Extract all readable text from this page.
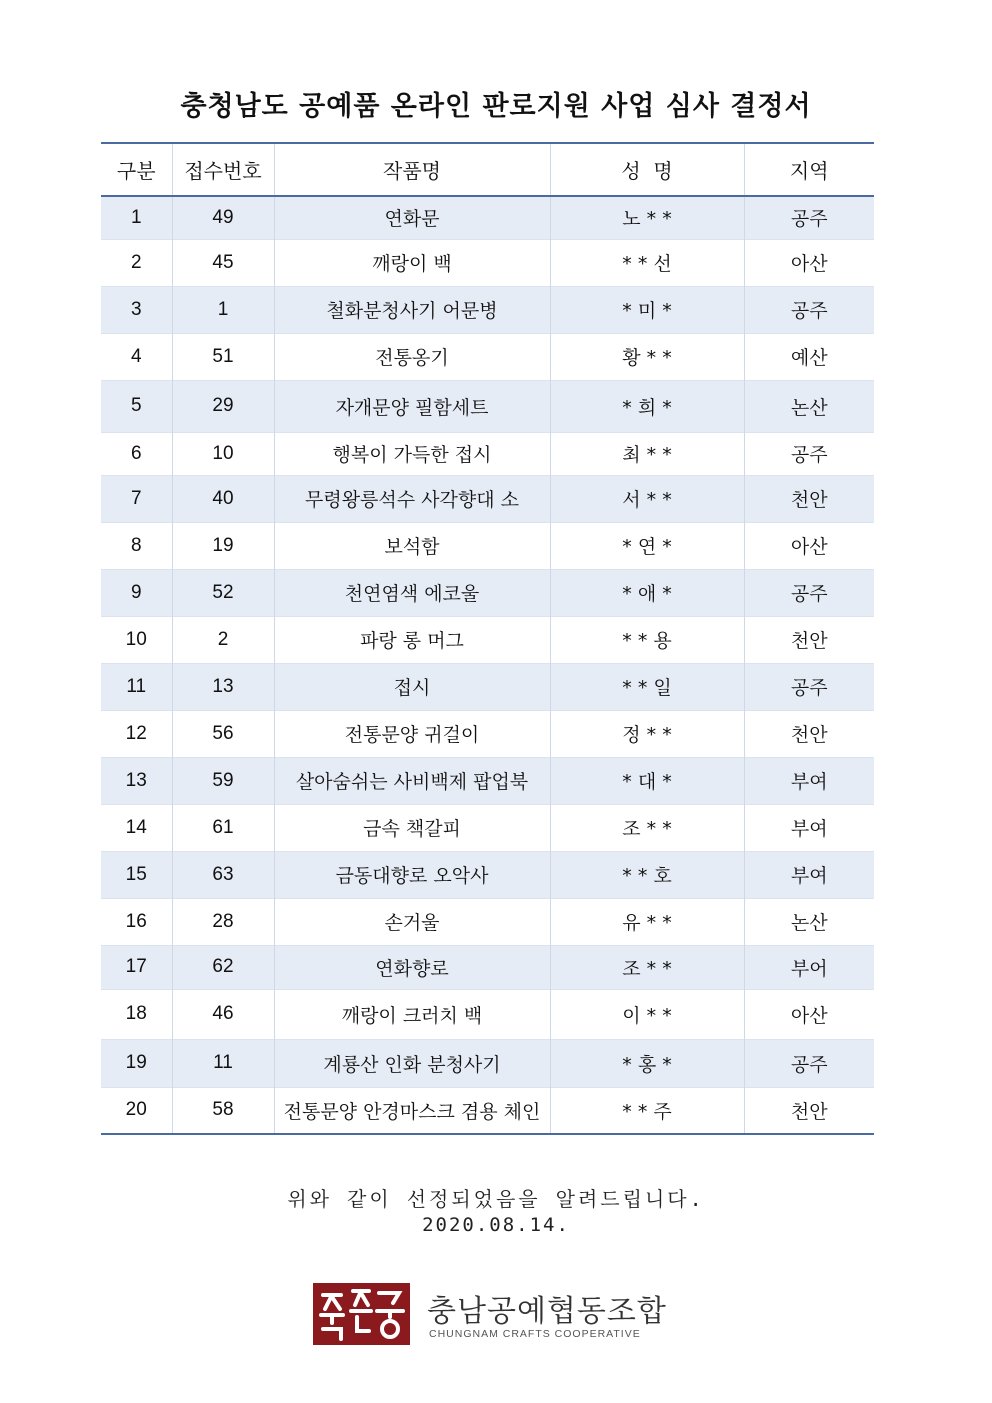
충청남도 공예품 온라인 판로지원 사업 심사 결정서
구분	접수번호	작품명	성  명	지역
1	49	연화문	노 * *	공주
2	45	깨랑이 백	* * 선	아산
3	1	철화분청사기 어문병	* 미 *	공주
4	51	전통옹기	황 * *	예산
5	29	자개문양 필함세트	* 희 *	논산
6	10	행복이 가득한 접시	최 * *	공주
7	40	무령왕릉석수 사각향대 소	서 * *	천안
8	19	보석함	* 연 *	아산
9	52	천연염색 에코울	* 애 *	공주
10	2	파랑 롱 머그	* * 용	천안
11	13	접시	* * 일	공주
12	56	전통문양 귀걸이	정 * *	천안
13	59	살아숨쉬는 사비백제 팝업북	* 대 *	부여
14	61	금속 책갈피	조 * *	부여
15	63	금동대향로 오악사	* * 호	부여
16	28	손거울	유 * *	논산
17	62	연화향로	조 * *	부어
18	46	깨랑이 크러치 백	이 * *	아산
19	11	계룡산 인화 분청사기	* 홍 *	공주
20	58	전통문양 안경마스크 겸용 체인	* * 주	천안
위와 같이 선정되었음을 알려드립니다.
2020.08.14.
충남공예협동조합
CHUNGNAM CRAFTS COOPERATIVE
